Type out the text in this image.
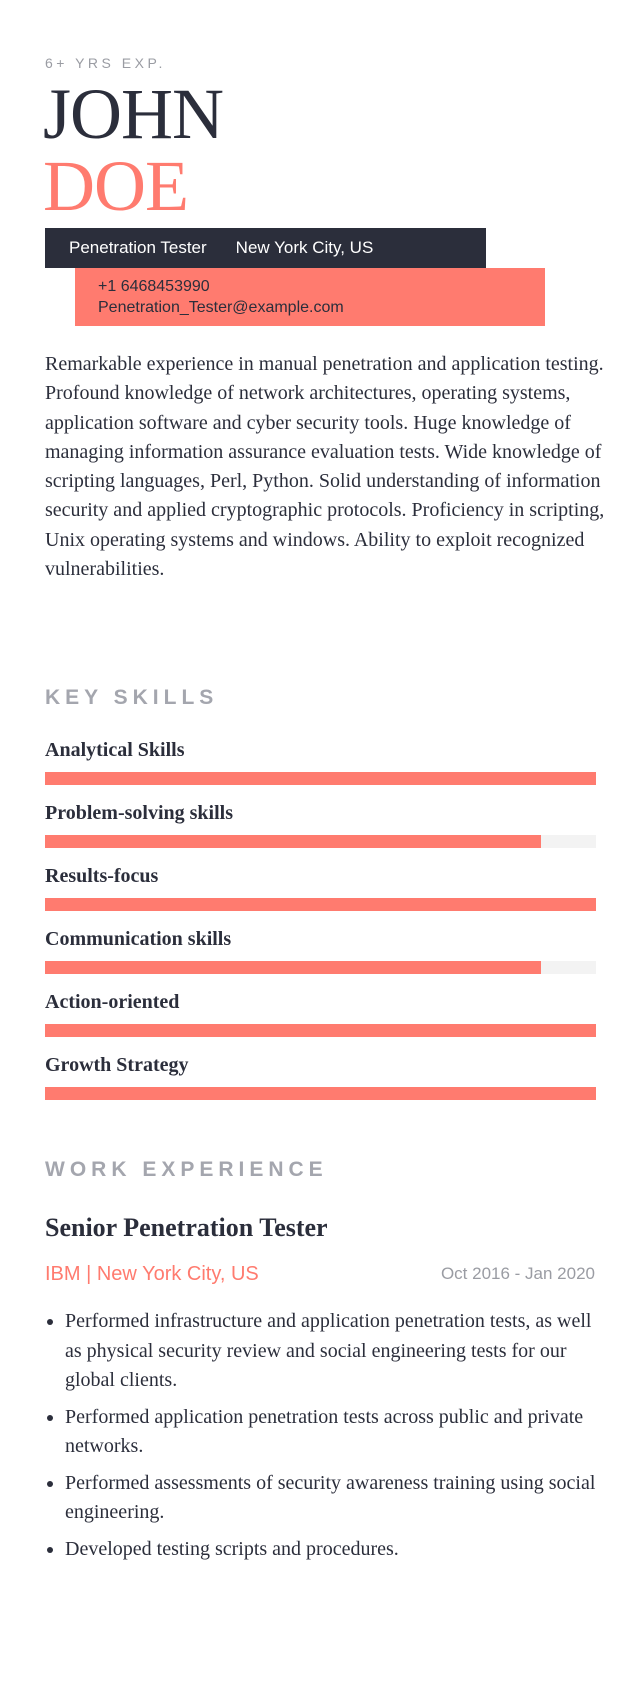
6+ YRS EXP.
JOHN
DOE
Penetration Tester New York City, US
+1 6468453990
Penetration_Tester@example.com
Remarkable experience in manual penetration and application testing. Profound knowledge of network architectures, operating systems, application software and cyber security tools. Huge knowledge of managing information assurance evaluation tests. Wide knowledge of scripting languages, Perl, Python. Solid understanding of information security and applied cryptographic protocols. Proficiency in scripting, Unix operating systems and windows. Ability to exploit recognized vulnerabilities.
KEY SKILLS
Analytical Skills
Problem-solving skills
Results-focus
Communication skills
Action-oriented
Growth Strategy
WORK EXPERIENCE
Senior Penetration Tester
IBM | New York City, US	Oct 2016 - Jan 2020
Performed infrastructure and application penetration tests, as well as physical security review and social engineering tests for our global clients.
Performed application penetration tests across public and private networks.
Performed assessments of security awareness training using social engineering.
Developed testing scripts and procedures.
